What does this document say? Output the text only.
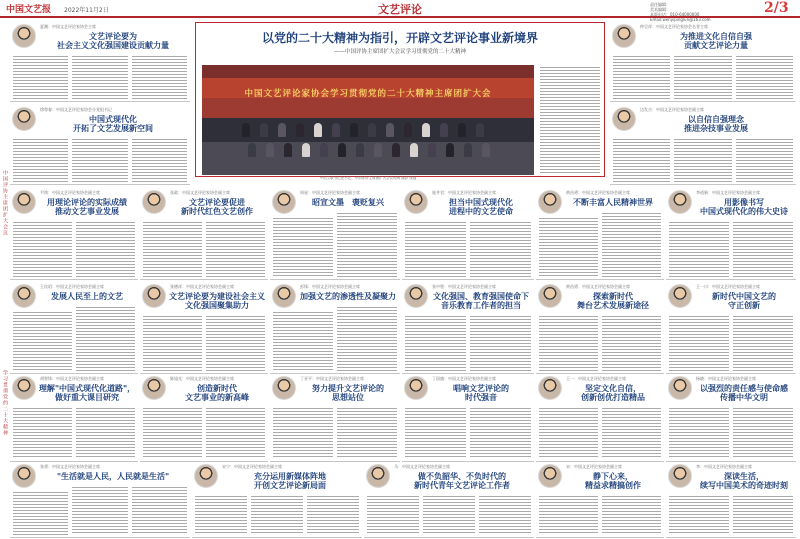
中国文艺报 2022年11月2日	文艺评论	责任编辑：
美术编辑：
本版电话：010-64000000
Email:wenyipinglun@163.com
2/3
中国评协主席团扩大会议
学习贯彻党的二十大精神
以党的二十大精神为指引，开辟文艺评论事业新境界
——中国评协主席团扩大会议学习贯彻党的二十大精神
中国文艺评论家协会学习贯彻党的二十大精神主席团扩大会
中国文联书记处书记、中国评协主席团扩大会议现场 摄影 张磊
夏潮：中国文艺评论家协会主席
文艺评论要为
社会主义文化强国建设贡献力量
徐粤春：中国文艺评论家协会分党组书记
中国式现代化
开拓了文艺发展新空间
仲呈祥：中国文艺评论家协会名誉主席
为推进文化自信自强
贡献文艺评论力量
边发吉：中国文艺评论家协会副主席
以自信自强理念
推进杂技事业发展
尹鸿：中国文艺评论家协会副主席
用理论评论的实际成绩
推动文艺事业发展
张政：中国文艺评论家协会副主席
文艺评论要促进
新时代红色文艺创作
周星：中国文艺评论家协会副主席
昭宣文墨　褒贬复兴
庞井君：中国文艺评论家协会副主席
担当中国式现代化
进程中的文艺使命
黄昌勇：中国文艺评论家协会副主席
不断丰富人民精神世界
李道新：中国文艺评论家协会副主席
用影像书写
中国式现代化的伟大史诗
王次炤：中国文艺评论家协会副主席
发展人民至上的文艺
张德祥：中国文艺评论家协会副主席
文艺评论要为建设社会主义
文化强国聚集助力
彭锋：中国文艺评论家协会副主席
加强文艺的渗透性及凝聚力
张中智：中国文艺评论家协会副主席
文化强国、教育强国使命下
音乐教育工作者的担当
黄昌勇：中国文艺评论家协会副主席
探索新时代
舞台艺术发展新途径
王一川：中国文艺评论家协会副主席
新时代中国文艺的
守正创新
胡智锋：中国文艺评论家协会副主席
理解"中国式现代化道路"，
做好重大课目研究
陈旭光：中国文艺评论家协会副主席
创造新时代
文艺事业的新高峰
丁亚平：中国文艺评论家协会副主席
努力提升文艺评论的
思想站位
丁国旗：中国文艺评论家协会副主席
唱响文艺评论的
时代强音
王一：中国文艺评论家协会副主席
坚定文化自信，
创新创优打造精品
杨晓：中国文艺评论家协会副主席
以强烈的责任感与使命感
传播中华文明
张勇：中国文艺评论家协会副主席
"生活就是人民，人民就是生活"
宋宁：中国文艺评论家协会副主席
充分运用新媒体阵地
开创文艺评论新局面
马：中国文艺评论家协会副主席
做不负韶华、不负时代的
新时代青年文艺评论工作者
宋：中国文艺评论家协会副主席
静下心来，
精益求精搞创作
李：中国文艺评论家协会副主席
深读生活，
续写中国美术的奇迹时刻
